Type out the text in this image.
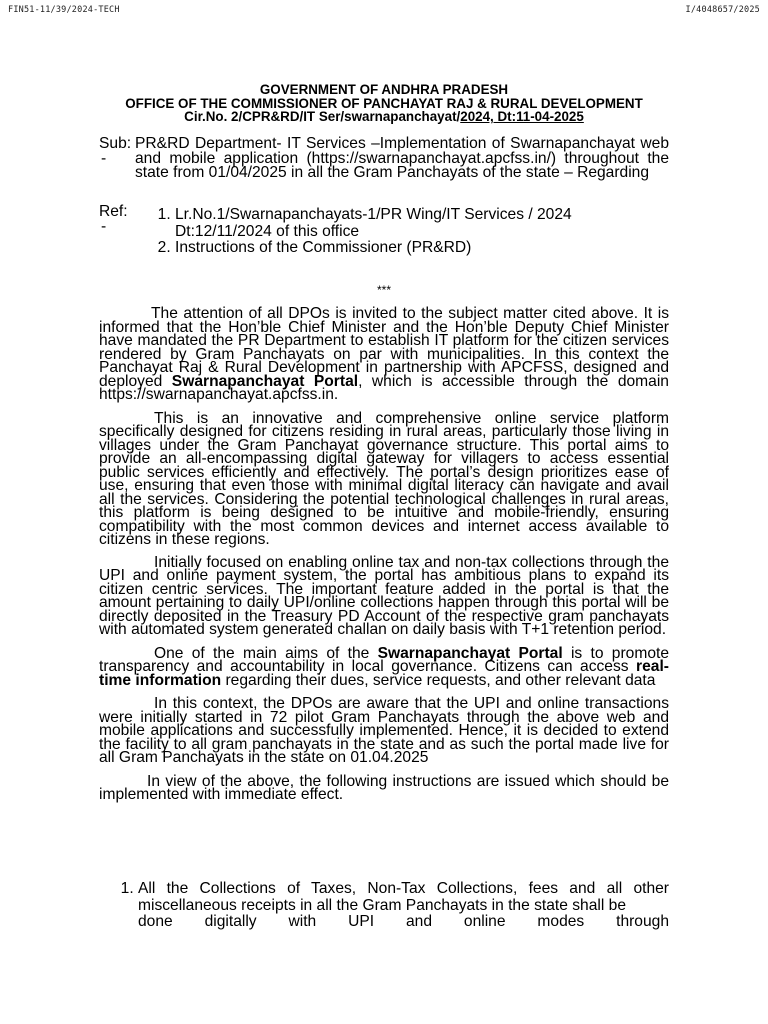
FIN51-11/39/2024-TECH	I/4048657/2025
GOVERNMENT OF ANDHRA PRADESH
OFFICE OF THE COMMISSIONER OF PANCHAYAT RAJ & RURAL DEVELOPMENT
Cir.No. 2/CPR&RD/IT Ser/swarnapanchayat/2024, Dt:11-04-2025
Sub:
-
PR&RD Department- IT Services –Implementation of Swarnapanchayat web and mobile application (https://swarnapanchayat.apcfss.in/) throughout the state from 01/04/2025 in all the Gram Panchayats of the state – Regarding
Ref:
-
1. Lr.No.1/Swarnapanchayats-1/PR Wing/IT Services / 2024 Dt:12/11/2024 of this office
2. Instructions of the Commissioner (PR&RD)
***

The attention of all DPOs is invited to the subject matter cited above. It is informed that the Hon’ble Chief Minister and the Hon’ble Deputy Chief Minister have mandated the PR Department to establish IT platform for the citizen services rendered by Gram Panchayats on par with municipalities. In this context the Panchayat Raj & Rural Development in partnership with APCFSS, designed and deployed Swarnapanchayat Portal, which is accessible through the domain https://swarnapanchayat.apcfss.in.

This is an innovative and comprehensive online service platform specifically designed for citizens residing in rural areas, particularly those living in villages under the Gram Panchayat governance structure. This portal aims to provide an all-encompassing digital gateway for villagers to access essential public services efficiently and effectively. The portal’s design prioritizes ease of use, ensuring that even those with minimal digital literacy can navigate and avail all the services. Considering the potential technological challenges in rural areas, this platform is being designed to be intuitive and mobile-friendly, ensuring compatibility with the most common devices and internet access available to citizens in these regions.

Initially focused on enabling online tax and non-tax collections through the UPI and online payment system, the portal has ambitious plans to expand its citizen centric services. The important feature added in the portal is that the amount pertaining to daily UPI/online collections happen through this portal will be directly deposited in the Treasury PD Account of the respective gram panchayats with automated system generated challan on daily basis with T+1 retention period.

One of the main aims of the Swarnapanchayat Portal is to promote transparency and accountability in local governance. Citizens can access real-time information regarding their dues, service requests, and other relevant data

In this context, the DPOs are aware that the UPI and online transactions were initially started in 72 pilot Gram Panchayats through the above web and mobile applications and successfully implemented. Hence, it is decided to extend the facility to all gram panchayats in the state and as such the portal made live for all Gram Panchayats in the state on 01.04.2025

In view of the above, the following instructions are issued which should be implemented with immediate effect.

1. All the Collections of Taxes, Non-Tax Collections, fees and all other miscellaneous receipts in all the Gram Panchayats in the state shall be
done digitally with UPI and online modes through
